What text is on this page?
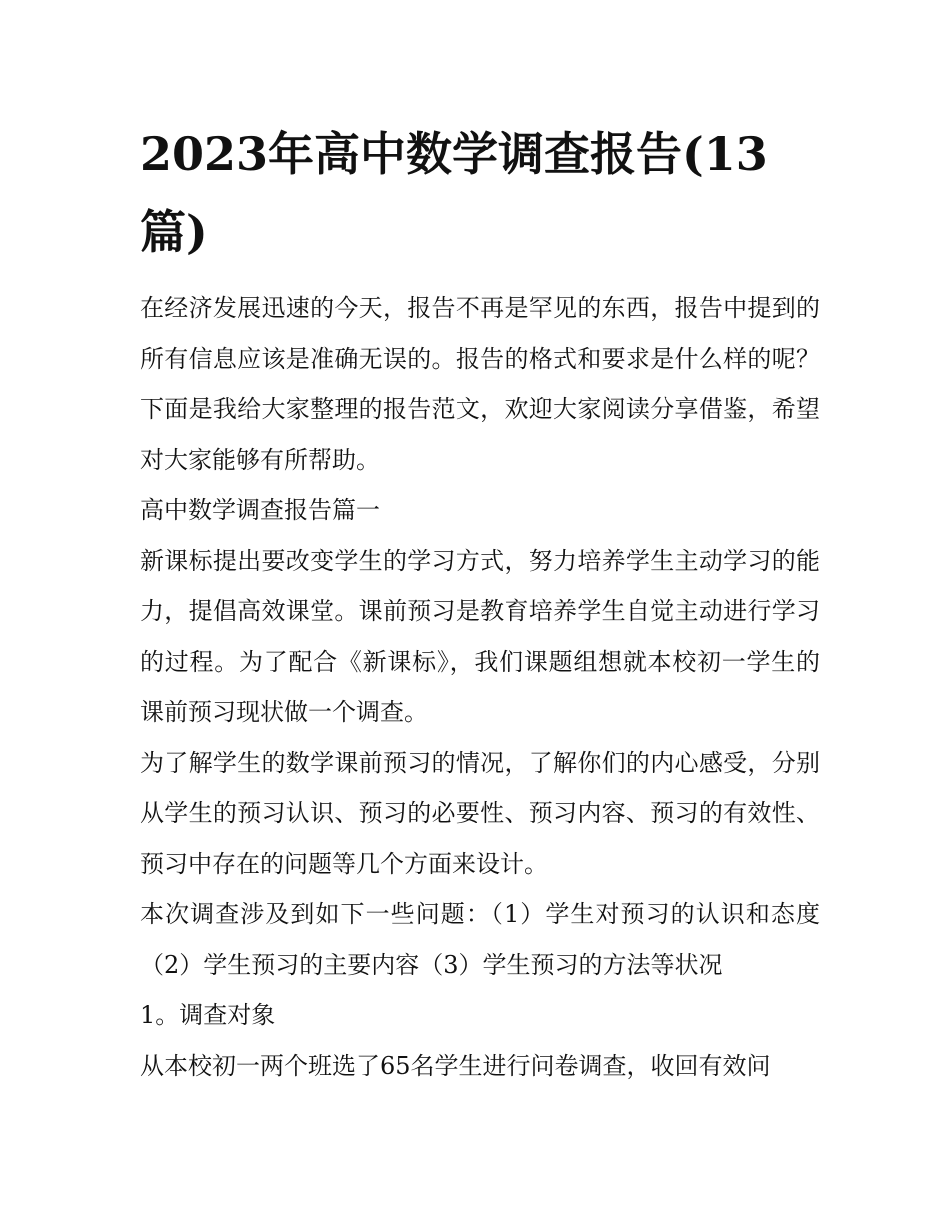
2023年高中数学调查报告(13篇)

在经济发展迅速的今天，报告不再是罕见的东西，报告中提到的所有信息应该是准确无误的。报告的格式和要求是什么样的呢？下面是我给大家整理的报告范文，欢迎大家阅读分享借鉴，希望对大家能够有所帮助。

高中数学调查报告篇一

新课标提出要改变学生的学习方式，努力培养学生主动学习的能力，提倡高效课堂。课前预习是教育培养学生自觉主动进行学习的过程。为了配合《新课标》，我们课题组想就本校初一学生的课前预习现状做一个调查。

为了解学生的数学课前预习的情况，了解你们的内心感受，分别从学生的预习认识、预习的必要性、预习内容、预习的有效性、预习中存在的问题等几个方面来设计。

本次调查涉及到如下一些问题：（1）学生对预习的认识和态度（2）学生预习的主要内容（3）学生预习的方法等状况

1。调查对象

从本校初一两个班选了65名学生进行问卷调查，收回有效问
